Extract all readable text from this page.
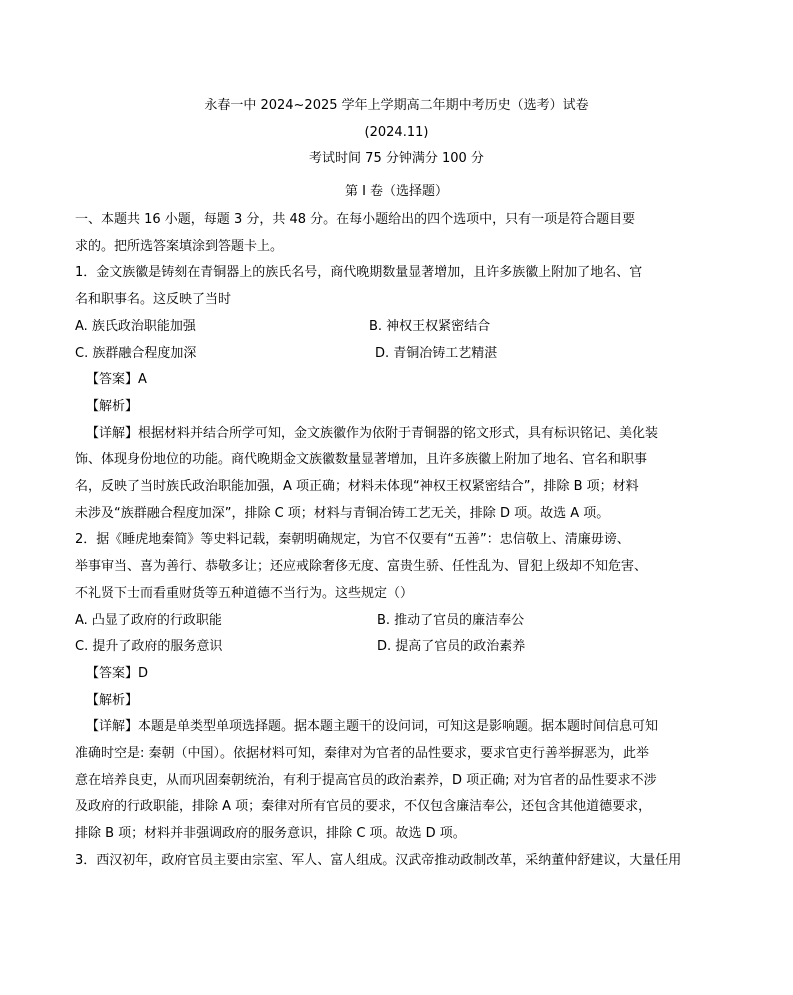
永春一中 2024~2025 学年上学期高二年期中考历史（选考）试卷
(2024.11)
考试时间 75 分钟满分 100 分
第 I 卷（选择题）

一、本题共 16 小题，每题 3 分，共 48 分。在每小题给出的四个选项中，只有一项是符合题目要

求的。把所选答案填涂到答题卡上。

1．金文族徽是铸刻在青铜器上的族氏名号，商代晚期数量显著增加，且许多族徽上附加了地名、官

名和职事名。这反映了当时

A. 族氏政治职能加强	B. 神权王权紧密结合
C. 族群融合程度加深	D. 青铜冶铸工艺精湛

【答案】A

【解析】

【详解】根据材料并结合所学可知，金文族徽作为依附于青铜器的铭文形式，具有标识铭记、美化装

饰、体现身份地位的功能。商代晚期金文族徽数量显著增加，且许多族徽上附加了地名、官名和职事

名，反映了当时族氏政治职能加强，A 项正确；材料未体现“神权王权紧密结合”，排除 B 项；材料

未涉及“族群融合程度加深”，排除 C 项；材料与青铜冶铸工艺无关，排除 D 项。故选 A 项。

2．据《睡虎地秦简》等史料记载，秦朝明确规定，为官不仅要有“五善”：忠信敬上、清廉毋谤、

举事审当、喜为善行、恭敬多让；还应戒除奢侈无度、富贵生骄、任性乱为、冒犯上级却不知危害、

不礼贤下士而看重财货等五种道德不当行为。这些规定（）

A. 凸显了政府的行政职能	B. 推动了官员的廉洁奉公
C. 提升了政府的服务意识	D. 提高了官员的政治素养

【答案】D

【解析】

【详解】本题是单类型单项选择题。据本题主题干的设问词，可知这是影响题。据本题时间信息可知

准确时空是: 秦朝（中国）。依据材料可知，秦律对为官者的品性要求，要求官吏行善举摒恶为，此举

意在培养良吏，从而巩固秦朝统治，有利于提高官员的政治素养，D 项正确; 对为官者的品性要求不涉

及政府的行政职能，排除 A 项；秦律对所有官员的要求，不仅包含廉洁奉公，还包含其他道德要求，

排除 B 项；材料并非强调政府的服务意识，排除 C 项。故选 D 项。

3．西汉初年，政府官员主要由宗室、军人、富人组成。汉武帝推动政制改革，采纳董仲舒建议，大量任用
